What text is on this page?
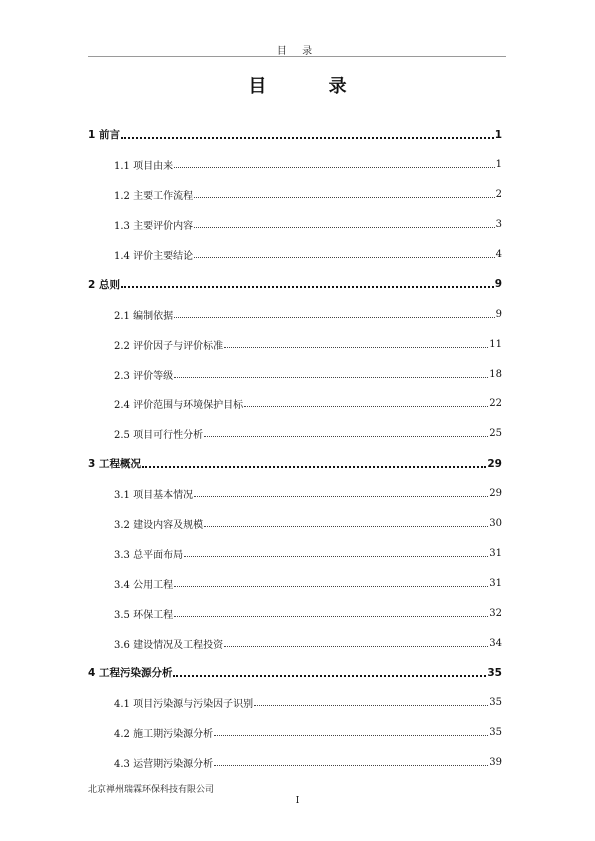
目 录
目 录
1 前言	1
1.1 项目由来	1
1.2 主要工作流程	2
1.3 主要评价内容	3
1.4 评价主要结论	4
2 总则	9
2.1 编制依据	9
2.2 评价因子与评价标准	11
2.3 评价等级	18
2.4 评价范围与环境保护目标	22
2.5 项目可行性分析	25
3 工程概况	29
3.1 项目基本情况	29
3.2 建设内容及规模	30
3.3 总平面布局	31
3.4 公用工程	31
3.5 环保工程	32
3.6 建设情况及工程投资	34
4 工程污染源分析	35
4.1 项目污染源与污染因子识别	35
4.2 施工期污染源分析	35
4.3 运营期污染源分析	39
北京禅州瑞霖环保科技有限公司
I
